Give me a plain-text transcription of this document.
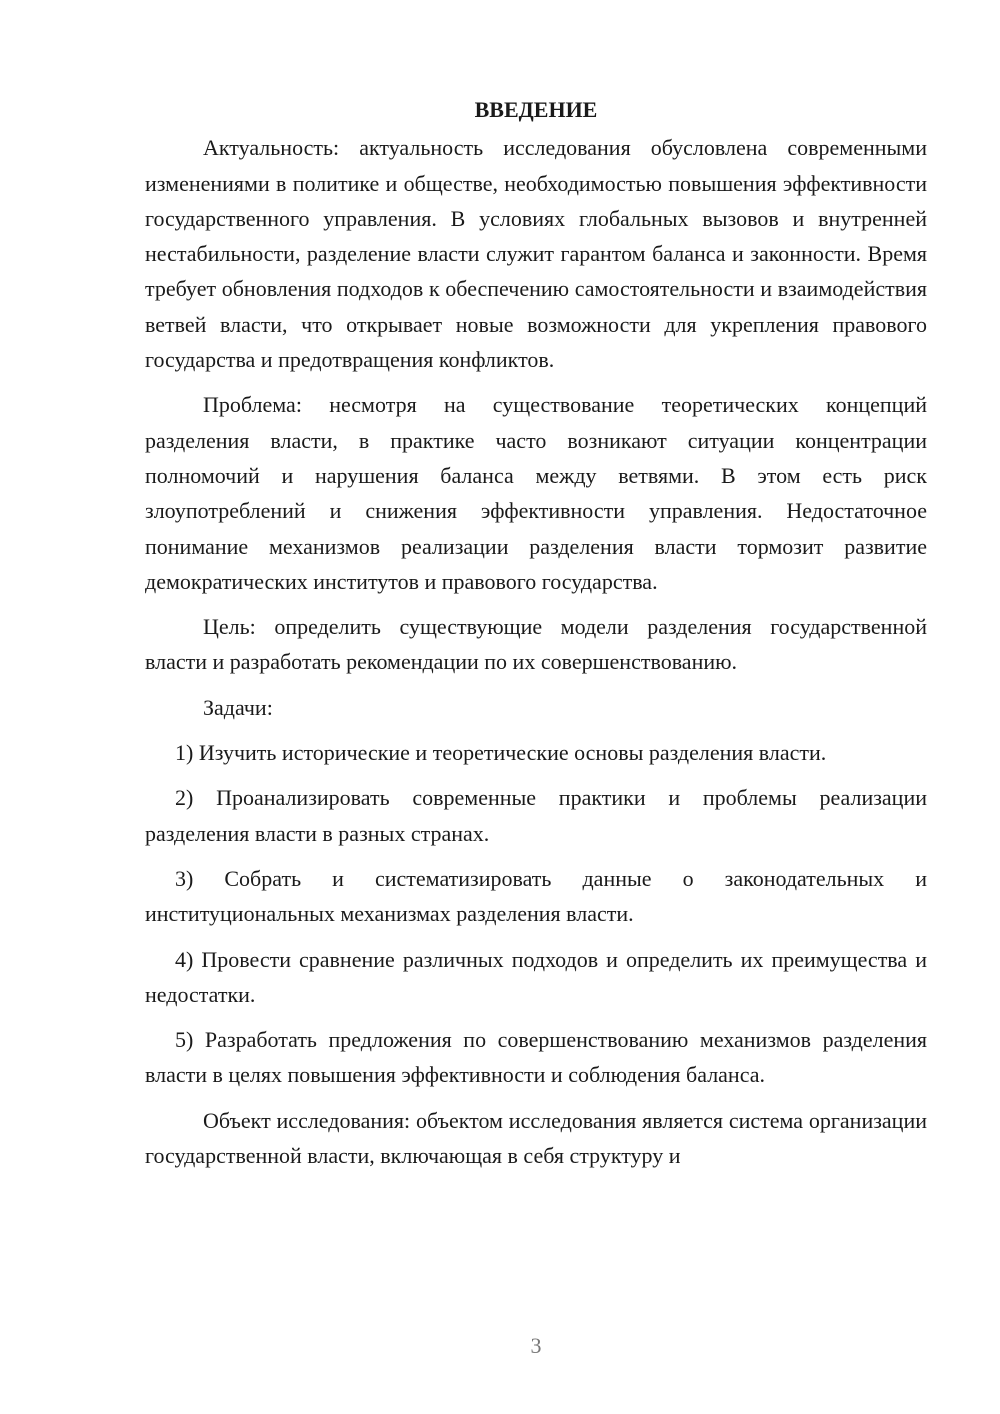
ВВЕДЕНИЕ

Актуальность: актуальность исследования обусловлена современными изменениями в политике и обществе, необходимостью повышения эффективности государственного управления. В условиях глобальных вызовов и внутренней нестабильности, разделение власти служит гарантом баланса и законности. Время требует обновления подходов к обеспечению самостоятельности и взаимодействия ветвей власти, что открывает новые возможности для укрепления правового государства и предотвращения конфликтов.

Проблема: несмотря на существование теоретических концепций разделения власти, в практике часто возникают ситуации концентрации полномочий и нарушения баланса между ветвями. В этом есть риск злоупотреблений и снижения эффективности управления. Недостаточное понимание механизмов реализации разделения власти тормозит развитие демократических институтов и правового государства.

Цель: определить существующие модели разделения государственной власти и разработать рекомендации по их совершенствованию.

Задачи:

1) Изучить исторические и теоретические основы разделения власти.

2) Проанализировать современные практики и проблемы реализации разделения власти в разных странах.

3) Собрать и систематизировать данные о законодательных и институциональных механизмах разделения власти.

4) Провести сравнение различных подходов и определить их преимущества и недостатки.

5) Разработать предложения по совершенствованию механизмов разделения власти в целях повышения эффективности и соблюдения баланса.

Объект исследования: объектом исследования является система организации государственной власти, включающая в себя структуру и

3
